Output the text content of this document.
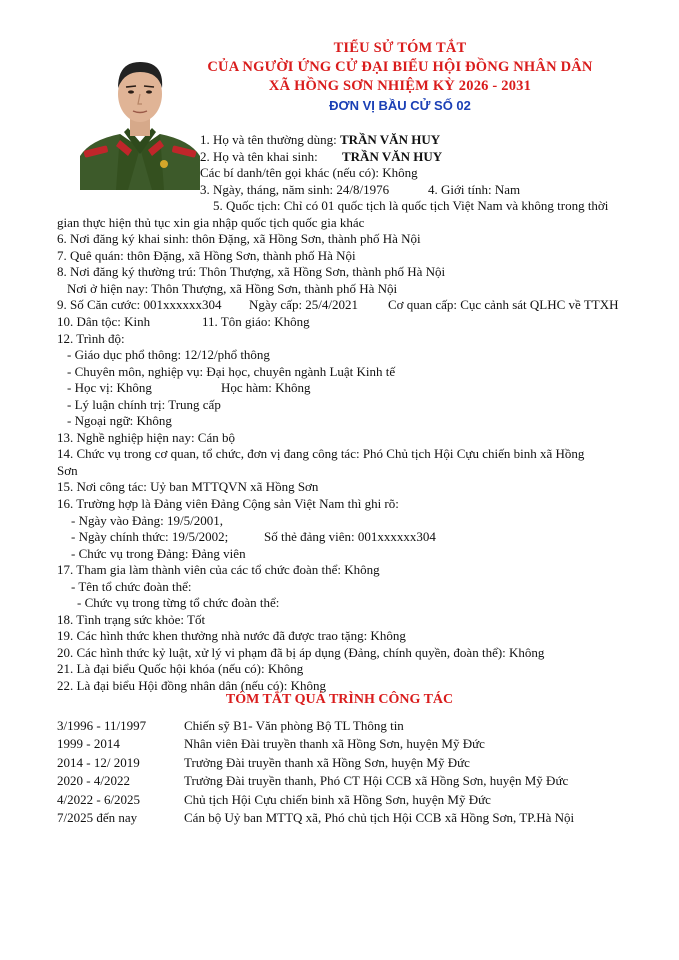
TIỂU SỬ TÓM TẮT
CỦA NGƯỜI ỨNG CỬ ĐẠI BIỂU HỘI ĐỒNG NHÂN DÂN
XÃ HỒNG SƠN NHIỆM KỲ 2026 - 2031
ĐƠN VỊ BẦU CỬ SỐ 02
1. Họ và tên thường dùng: TRẦN VĂN HUY
2. Họ và tên khai sinh: TRẦN VĂN HUY
Các bí danh/tên gọi khác (nếu có): Không
3. Ngày, tháng, năm sinh: 24/8/1976	4. Giới tính: Nam
5. Quốc tịch: Chỉ có 01 quốc tịch là quốc tịch Việt Nam và không trong thời
gian thực hiện thủ tục xin gia nhập quốc tịch quốc gia khác
6. Nơi đăng ký khai sinh: thôn Đặng, xã Hồng Sơn, thành phố Hà Nội
7. Quê quán: thôn Đặng, xã Hồng Sơn, thành phố Hà Nội
8. Nơi đăng ký thường trú: Thôn Thượng, xã Hồng Sơn, thành phố Hà Nội
Nơi ở hiện nay: Thôn Thượng, xã Hồng Sơn, thành phố Hà Nội
9. Số Căn cước: 001xxxxxx304 Ngày cấp: 25/4/2021 Cơ quan cấp: Cục cảnh sát QLHC về TTXH
10. Dân tộc: Kinh	11. Tôn giáo: Không
12. Trình độ:
- Giáo dục phổ thông: 12/12/phổ thông
- Chuyên môn, nghiệp vụ: Đại học, chuyên ngành Luật Kinh tế
- Học vị: Không	Học hàm: Không
- Lý luận chính trị: Trung cấp
- Ngoại ngữ: Không
13. Nghề nghiệp hiện nay: Cán bộ
14. Chức vụ trong cơ quan, tổ chức, đơn vị đang công tác: Phó Chủ tịch Hội Cựu chiến binh xã Hồng
Sơn
15. Nơi công tác: Uỷ ban MTTQVN xã Hồng Sơn
16. Trường hợp là Đảng viên Đảng Cộng sản Việt Nam thì ghi rõ:
- Ngày vào Đảng: 19/5/2001,
- Ngày chính thức: 19/5/2002;	Số thẻ đảng viên: 001xxxxxx304
- Chức vụ trong Đảng: Đảng viên
17. Tham gia làm thành viên của các tổ chức đoàn thể: Không
- Tên tổ chức đoàn thể:
- Chức vụ trong từng tổ chức đoàn thể:
18. Tình trạng sức khỏe: Tốt
19. Các hình thức khen thưởng nhà nước đã được trao tặng: Không
20. Các hình thức kỷ luật, xử lý vi phạm đã bị áp dụng (Đảng, chính quyền, đoàn thể): Không
21. Là đại biểu Quốc hội khóa (nếu có): Không
22. Là đại biểu Hội đồng nhân dân (nếu có): Không
TÓM TẮT QUÁ TRÌNH CÔNG TÁC
3/1996 - 11/1997	Chiến sỹ B1- Văn phòng Bộ TL Thông tin
1999 - 2014	Nhân viên Đài truyền thanh xã Hồng Sơn, huyện Mỹ Đức
2014 - 12/ 2019	Trưởng Đài truyền thanh xã Hồng Sơn, huyện Mỹ Đức
2020 - 4/2022	Trưởng Đài truyền thanh, Phó CT Hội CCB xã Hồng Sơn, huyện Mỹ Đức
4/2022 - 6/2025	Chủ tịch Hội Cựu chiến binh xã Hồng Sơn, huyện Mỹ Đức
7/2025 đến nay	Cán bộ Uỷ ban MTTQ xã, Phó chủ tịch Hội CCB xã Hồng Sơn, TP.Hà Nội
